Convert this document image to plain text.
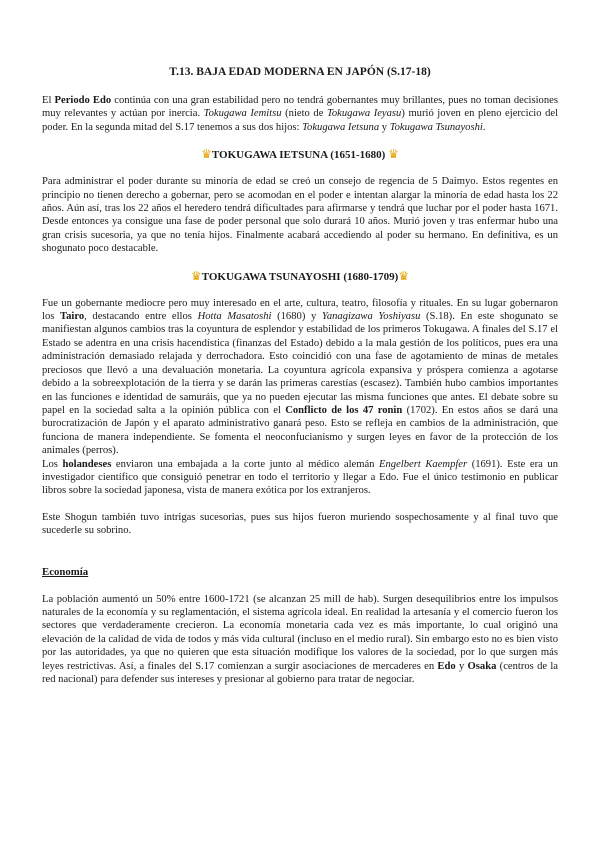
T.13. BAJA EDAD MODERNA EN JAPÓN (S.17-18)

El Periodo Edo continúa con una gran estabilidad pero no tendrá gobernantes muy brillantes, pues no toman decisiones muy relevantes y actúan por inercia. Tokugawa Iemitsu (nieto de Tokugawa Ieyasu) murió joven en pleno ejercicio del poder. En la segunda mitad del S.17 tenemos a sus dos hijos: Tokugawa Ietsuna y Tokugawa Tsunayoshi.

♛TOKUGAWA IETSUNA (1651-1680) ♛

Para administrar el poder durante su minoría de edad se creó un consejo de regencia de 5 Daimyo. Estos regentes en principio no tienen derecho a gobernar, pero se acomodan en el poder e intentan alargar la minoría de edad hasta los 22 años. Aún así, tras los 22 años el heredero tendrá dificultades para afirmarse y tendrá que luchar por el poder hasta 1671. Desde entonces ya consigue una fase de poder personal que solo durará 10 años. Murió joven y tras enfermar hubo una gran crisis sucesoria, ya que no tenía hijos. Finalmente acabará accediendo al poder su hermano. En definitiva, es un shogunato poco destacable.

♛TOKUGAWA TSUNAYOSHI (1680-1709)♛

Fue un gobernante mediocre pero muy interesado en el arte, cultura, teatro, filosofía y rituales. En su lugar gobernaron los Tairo, destacando entre ellos Hotta Masatoshi (1680) y Yanagizawa Yoshiyasu (S.18). En este shogunato se manifiestan algunos cambios tras la coyuntura de esplendor y estabilidad de los primeros Tokugawa. A finales del S.17 el Estado se adentra en una crisis hacendística (finanzas del Estado) debido a la mala gestión de los políticos, pues era una administración demasiado relajada y derrochadora. Esto coincidió con una fase de agotamiento de minas de metales preciosos que llevó a una devaluación monetaria. La coyuntura agrícola expansiva y próspera comienza a agotarse debido a la sobreexplotación de la tierra y se darán las primeras carestías (escasez). También hubo cambios importantes en las funciones e identidad de samuráis, que ya no pueden ejecutar las misma funciones que antes. El debate sobre su papel en la sociedad salta a la opinión pública con el Conflicto de los 47 ronin (1702). En estos años se dará una burocratización de Japón y el aparato administrativo ganará peso. Esto se refleja en cambios de la administración, que funciona de manera independiente. Se fomenta el neoconfucianismo y surgen leyes en favor de la protección de los animales (perros).

Los holandeses enviaron una embajada a la corte junto al médico alemán Engelbert Kaempfer (1691). Este era un investigador científico que consiguió penetrar en todo el territorio y llegar a Edo. Fue el único testimonio en publicar libros sobre la sociedad japonesa, vista de manera exótica por los extranjeros.

Este Shogun también tuvo intrigas sucesorias, pues sus hijos fueron muriendo sospechosamente y al final tuvo que sucederle su sobrino.

Economía

La población aumentó un 50% entre 1600-1721 (se alcanzan 25 mill de hab). Surgen desequilibrios entre los impulsos naturales de la economía y su reglamentación, el sistema agrícola ideal. En realidad la artesanía y el comercio fueron los sectores que verdaderamente crecieron. La economía monetaria cada vez es más importante, lo cual originó una elevación de la calidad de vida de todos y más vida cultural (incluso en el medio rural). Sin embargo esto no es bien visto por las autoridades, ya que no quieren que esta situación modifique los valores de la sociedad, por lo que surgen más leyes restrictivas. Así, a finales del S.17 comienzan a surgir asociaciones de mercaderes en Edo y Osaka (centros de la red nacional) para defender sus intereses y presionar al gobierno para tratar de negociar.
